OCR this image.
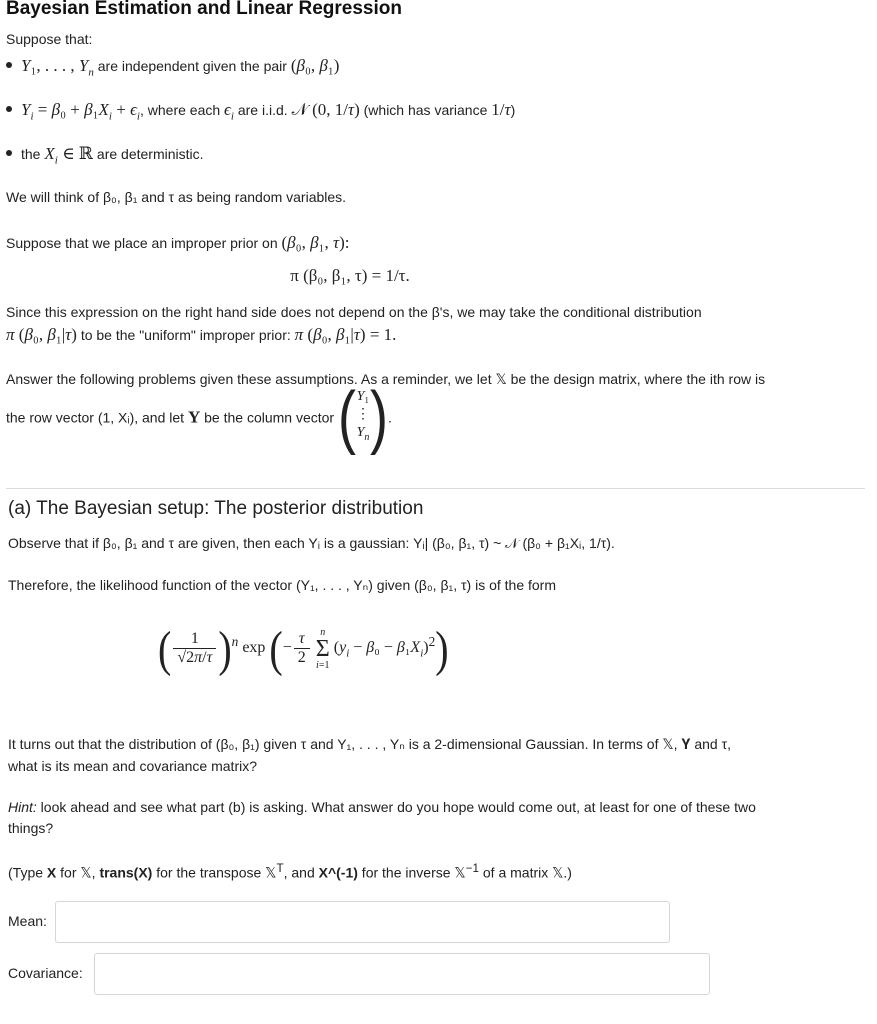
Bayesian Estimation and Linear Regression
Suppose that:
Y₁, . . . , $Y_n$ are independent given the pair (β₀, β₁)
$Y_i = \beta_0 + \beta_1X_i + \epsilon_i$, where each $\epsilon_i$ are i.i.d. 𝒩 (0, 1/τ) (which has variance 1/τ)
the $X_i$ ∈ ℝ are deterministic.
We will think of β₀, β₁ and τ as being random variables.
Suppose that we place an improper prior on (β₀, β₁, τ):
π (β₀, β₁, τ) = 1/τ.
Since this expression on the right hand side does not depend on the β's, we may take the conditional distribution
π (β₀, β₁|τ) to be the "uniform" improper prior: π (β₀, β₁|τ) = 1.
Answer the following problems given these assumptions. As a reminder, we let 𝕏 be the design matrix, where the ith row is
the row vector (1, Xᵢ), and let Y be the column vector ( Y₁
⋮
$Y_n$ ) .
(a) The Bayesian setup: The posterior distribution
Observe that if β₀, β₁ and τ are given, then each Yᵢ is a gaussian: Yᵢ| (β₀, β₁, τ) ~ 𝒩 (β₀ + β₁Xᵢ, 1/τ).
Therefore, the likelihood function of the vector (Y₁, . . . , Yₙ) given (β₀, β₁, τ) is of the form
( $\frac{1}{√2\pi/\tau} )^n$ exp (− $\frac{\tau}{2}$
	n
Σ
i=1
$(y_i - \beta_0 - \beta_1X_i)^2$)
It turns out that the distribution of (β₀, β₁) given τ and Y₁, . . . , Yₙ is a 2-dimensional Gaussian. In terms of 𝕏, 𝐘 and τ,
what is its mean and covariance matrix?
Hint: look ahead and see what part (b) is asking. What answer do you hope would come out, at least for one of these two
things?
(Type X for 𝕏, trans(X) for the transpose 𝕏$^T$, and X^(-1) for the inverse 𝕏$^{-1}$ of a matrix 𝕏.)
Mean:
Covariance:
